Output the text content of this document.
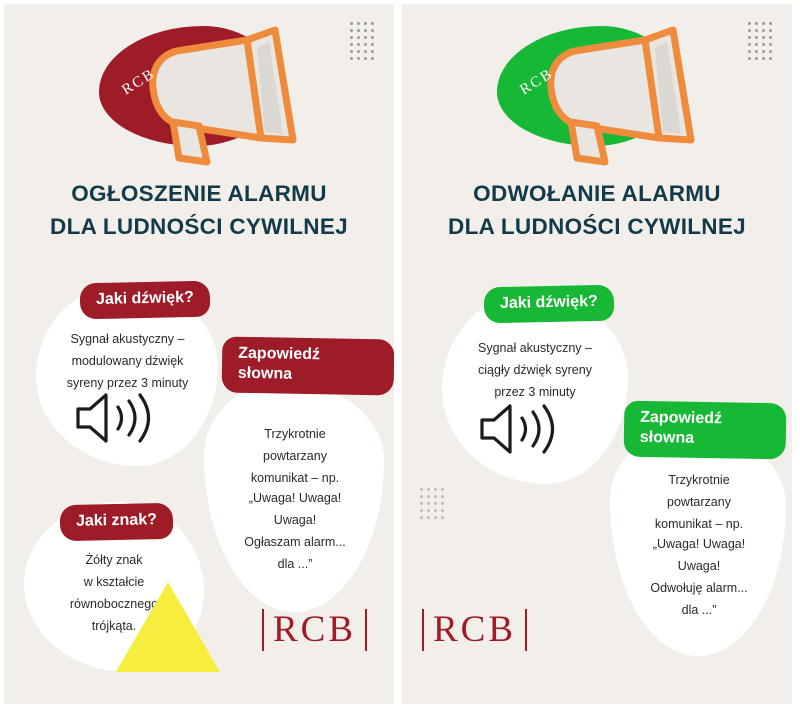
RCB
OGŁOSZENIE ALARMU
DLA LUDNOŚCI CYWILNEJ
Jaki dźwięk?
Sygnał akustyczny –
modulowany dźwięk
syreny przez 3 minuty
Zapowiedź
słowna
Trzykrotnie
powtarzany
komunikat – np.
„Uwaga! Uwaga!
Uwaga!
Ogłaszam alarm...
dla ...”
Jaki znak?
Żółty znak
w kształcie
równobocznego
trójkąta.	RCB
RCB
ODWOŁANIE ALARMU
DLA LUDNOŚCI CYWILNEJ
Jaki dźwięk?
Sygnał akustyczny –
ciągły dźwięk syreny
przez 3 minuty
Zapowiedź
słowna
Trzykrotnie
powtarzany
komunikat – np.
„Uwaga! Uwaga!
Uwaga!
Odwołuję alarm...
dla ...”
RCB
